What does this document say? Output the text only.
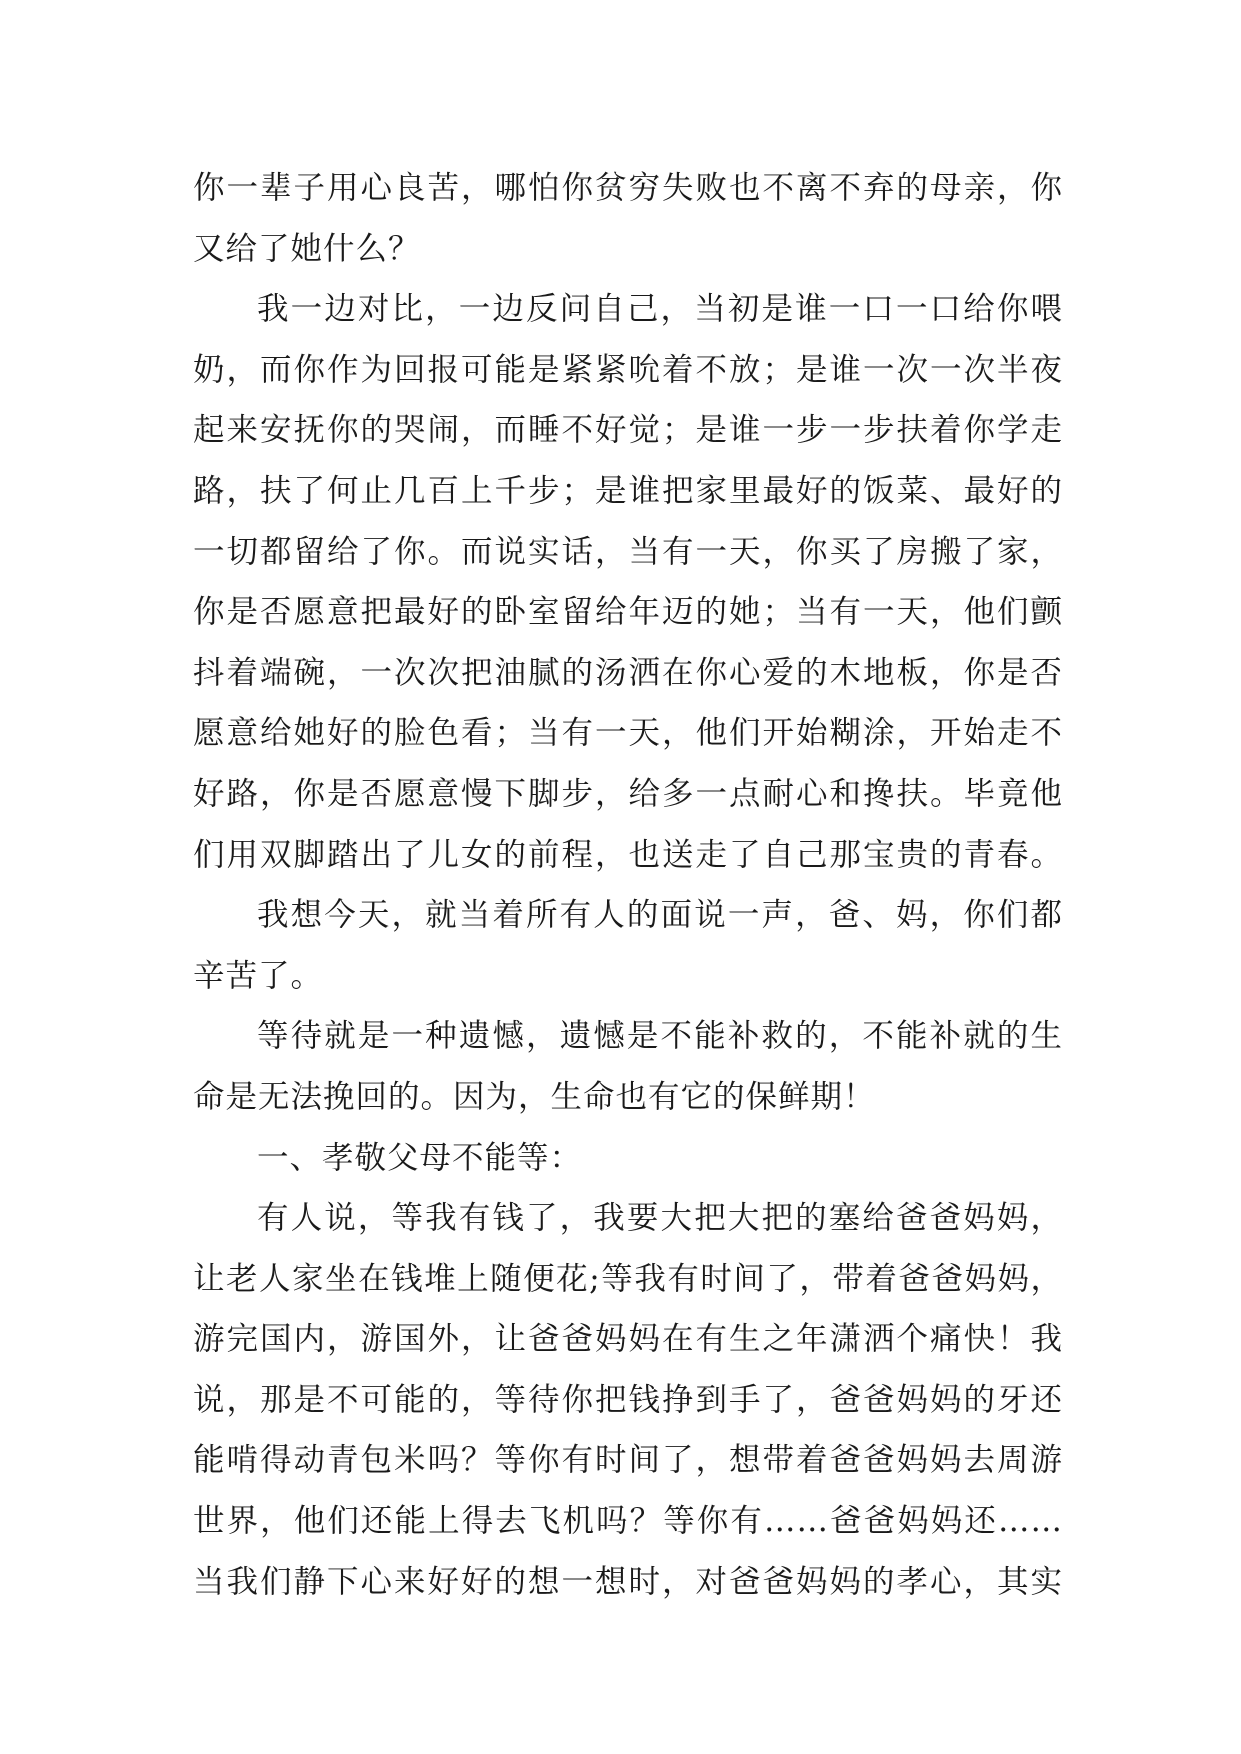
你一辈子用心良苦，哪怕你贫穷失败也不离不弃的母亲，你
又给了她什么？
我一边对比，一边反问自己，当初是谁一口一口给你喂
奶，而你作为回报可能是紧紧吮着不放；是谁一次一次半夜
起来安抚你的哭闹，而睡不好觉；是谁一步一步扶着你学走
路，扶了何止几百上千步；是谁把家里最好的饭菜、最好的
一切都留给了你。而说实话，当有一天，你买了房搬了家，
你是否愿意把最好的卧室留给年迈的她；当有一天，他们颤
抖着端碗，一次次把油腻的汤洒在你心爱的木地板，你是否
愿意给她好的脸色看；当有一天，他们开始糊涂，开始走不
好路，你是否愿意慢下脚步，给多一点耐心和搀扶。毕竟他
们用双脚踏出了儿女的前程，也送走了自己那宝贵的青春。
我想今天，就当着所有人的面说一声，爸、妈，你们都
辛苦了。
等待就是一种遗憾，遗憾是不能补救的，不能补就的生
命是无法挽回的。因为，生命也有它的保鲜期！
一、孝敬父母不能等：
有人说，等我有钱了，我要大把大把的塞给爸爸妈妈，
让老人家坐在钱堆上随便花;等我有时间了，带着爸爸妈妈，
游完国内，游国外，让爸爸妈妈在有生之年潇洒个痛快！我
说，那是不可能的，等待你把钱挣到手了，爸爸妈妈的牙还
能啃得动青包米吗？等你有时间了，想带着爸爸妈妈去周游
世界，他们还能上得去飞机吗？等你有……爸爸妈妈还……
当我们静下心来好好的想一想时，对爸爸妈妈的孝心，其实
